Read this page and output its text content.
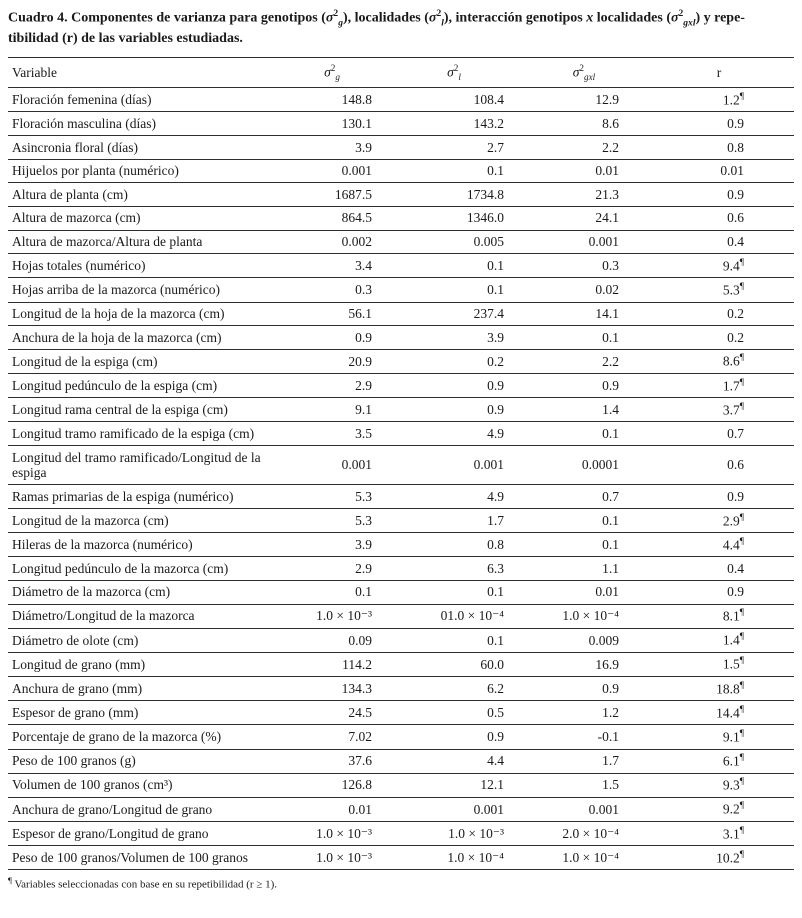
Cuadro 4. Componentes de varianza para genotipos $(\sigma^2_g)$, localidades $(\sigma^2_l)$, interacción genotipos x localidades $(\sigma^2_{gxl})$ y repe-
tibilidad (r) de las variables estudiadas.

Variable	$\sigma^2_g$	$\sigma^2_l$	$\sigma^2_{gxl}$	r
Floración femenina (días)	148.8	108.4	12.9	1.2¶
Floración masculina (días)	130.1	143.2	8.6	0.9
Asincronia floral (días)	3.9	2.7	2.2	0.8
Hijuelos por planta (numérico)	0.001	0.1	0.01	0.01
Altura de planta (cm)	1687.5	1734.8	21.3	0.9
Altura de mazorca (cm)	864.5	1346.0	24.1	0.6
Altura de mazorca/Altura de planta	0.002	0.005	0.001	0.4
Hojas totales (numérico)	3.4	0.1	0.3	9.4¶
Hojas arriba de la mazorca (numérico)	0.3	0.1	0.02	5.3¶
Longitud de la hoja de la mazorca (cm)	56.1	237.4	14.1	0.2
Anchura de la hoja de la mazorca (cm)	0.9	3.9	0.1	0.2
Longitud de la espiga (cm)	20.9	0.2	2.2	8.6¶
Longitud pedúnculo de la espiga (cm)	2.9	0.9	0.9	1.7¶
Longitud rama central de la espiga (cm)	9.1	0.9	1.4	3.7¶
Longitud tramo ramificado de la espiga (cm)	3.5	4.9	0.1	0.7
Longitud del tramo ramificado/Longitud de la espiga	0.001	0.001	0.0001	0.6
Ramas primarias de la espiga (numérico)	5.3	4.9	0.7	0.9
Longitud de la mazorca (cm)	5.3	1.7	0.1	2.9¶
Hileras de la mazorca (numérico)	3.9	0.8	0.1	4.4¶
Longitud pedúnculo de la mazorca (cm)	2.9	6.3	1.1	0.4
Diámetro de la mazorca (cm)	0.1	0.1	0.01	0.9
Diámetro/Longitud de la mazorca	1.0 × 10⁻³	01.0 × 10⁻⁴	1.0 × 10⁻⁴	8.1¶
Diámetro de olote (cm)	0.09	0.1	0.009	1.4¶
Longitud de grano (mm)	114.2	60.0	16.9	1.5¶
Anchura de grano (mm)	134.3	6.2	0.9	18.8¶
Espesor de grano (mm)	24.5	0.5	1.2	14.4¶
Porcentaje de grano de la mazorca (%)	7.02	0.9	-0.1	9.1¶
Peso de 100 granos (g)	37.6	4.4	1.7	6.1¶
Volumen de 100 granos (cm³)	126.8	12.1	1.5	9.3¶
Anchura de grano/Longitud de grano	0.01	0.001	0.001	9.2¶
Espesor de grano/Longitud de grano	1.0 × 10⁻³	1.0 × 10⁻³	2.0 × 10⁻⁴	3.1¶
Peso de 100 granos/Volumen de 100 granos	1.0 × 10⁻³	1.0 × 10⁻⁴	1.0 × 10⁻⁴	10.2¶

¶ Variables seleccionadas con base en su repetibilidad (r ≥ 1).
